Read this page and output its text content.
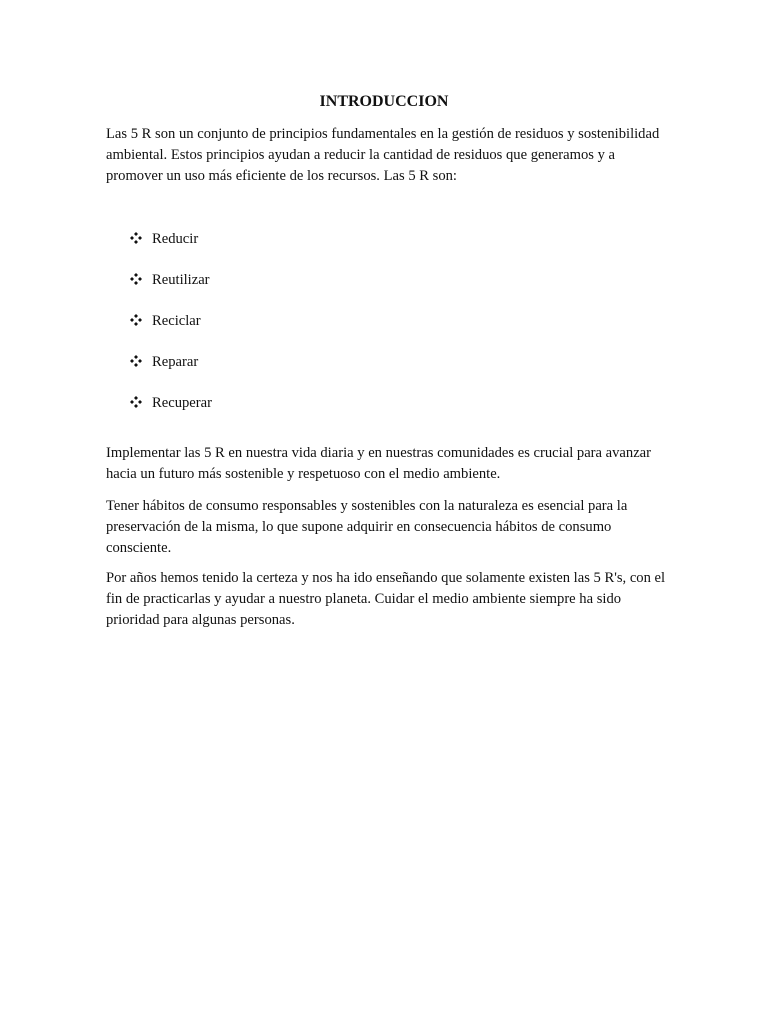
INTRODUCCION

Las 5 R son un conjunto de principios fundamentales en la gestión de residuos y sostenibilidad ambiental. Estos principios ayudan a reducir la cantidad de residuos que generamos y a promover un uso más eficiente de los recursos. Las 5 R son:

Reducir
Reutilizar
Reciclar
Reparar
Recuperar

Implementar las 5 R en nuestra vida diaria y en nuestras comunidades es crucial para avanzar hacia un futuro más sostenible y respetuoso con el medio ambiente.

Tener hábitos de consumo responsables y sostenibles con la naturaleza es esencial para la preservación de la misma, lo que supone adquirir en consecuencia hábitos de consumo consciente.

Por años hemos tenido la certeza y nos ha ido enseñando que solamente existen las 5 R's, con el fin de practicarlas y ayudar a nuestro planeta. Cuidar el medio ambiente siempre ha sido prioridad para algunas personas.
